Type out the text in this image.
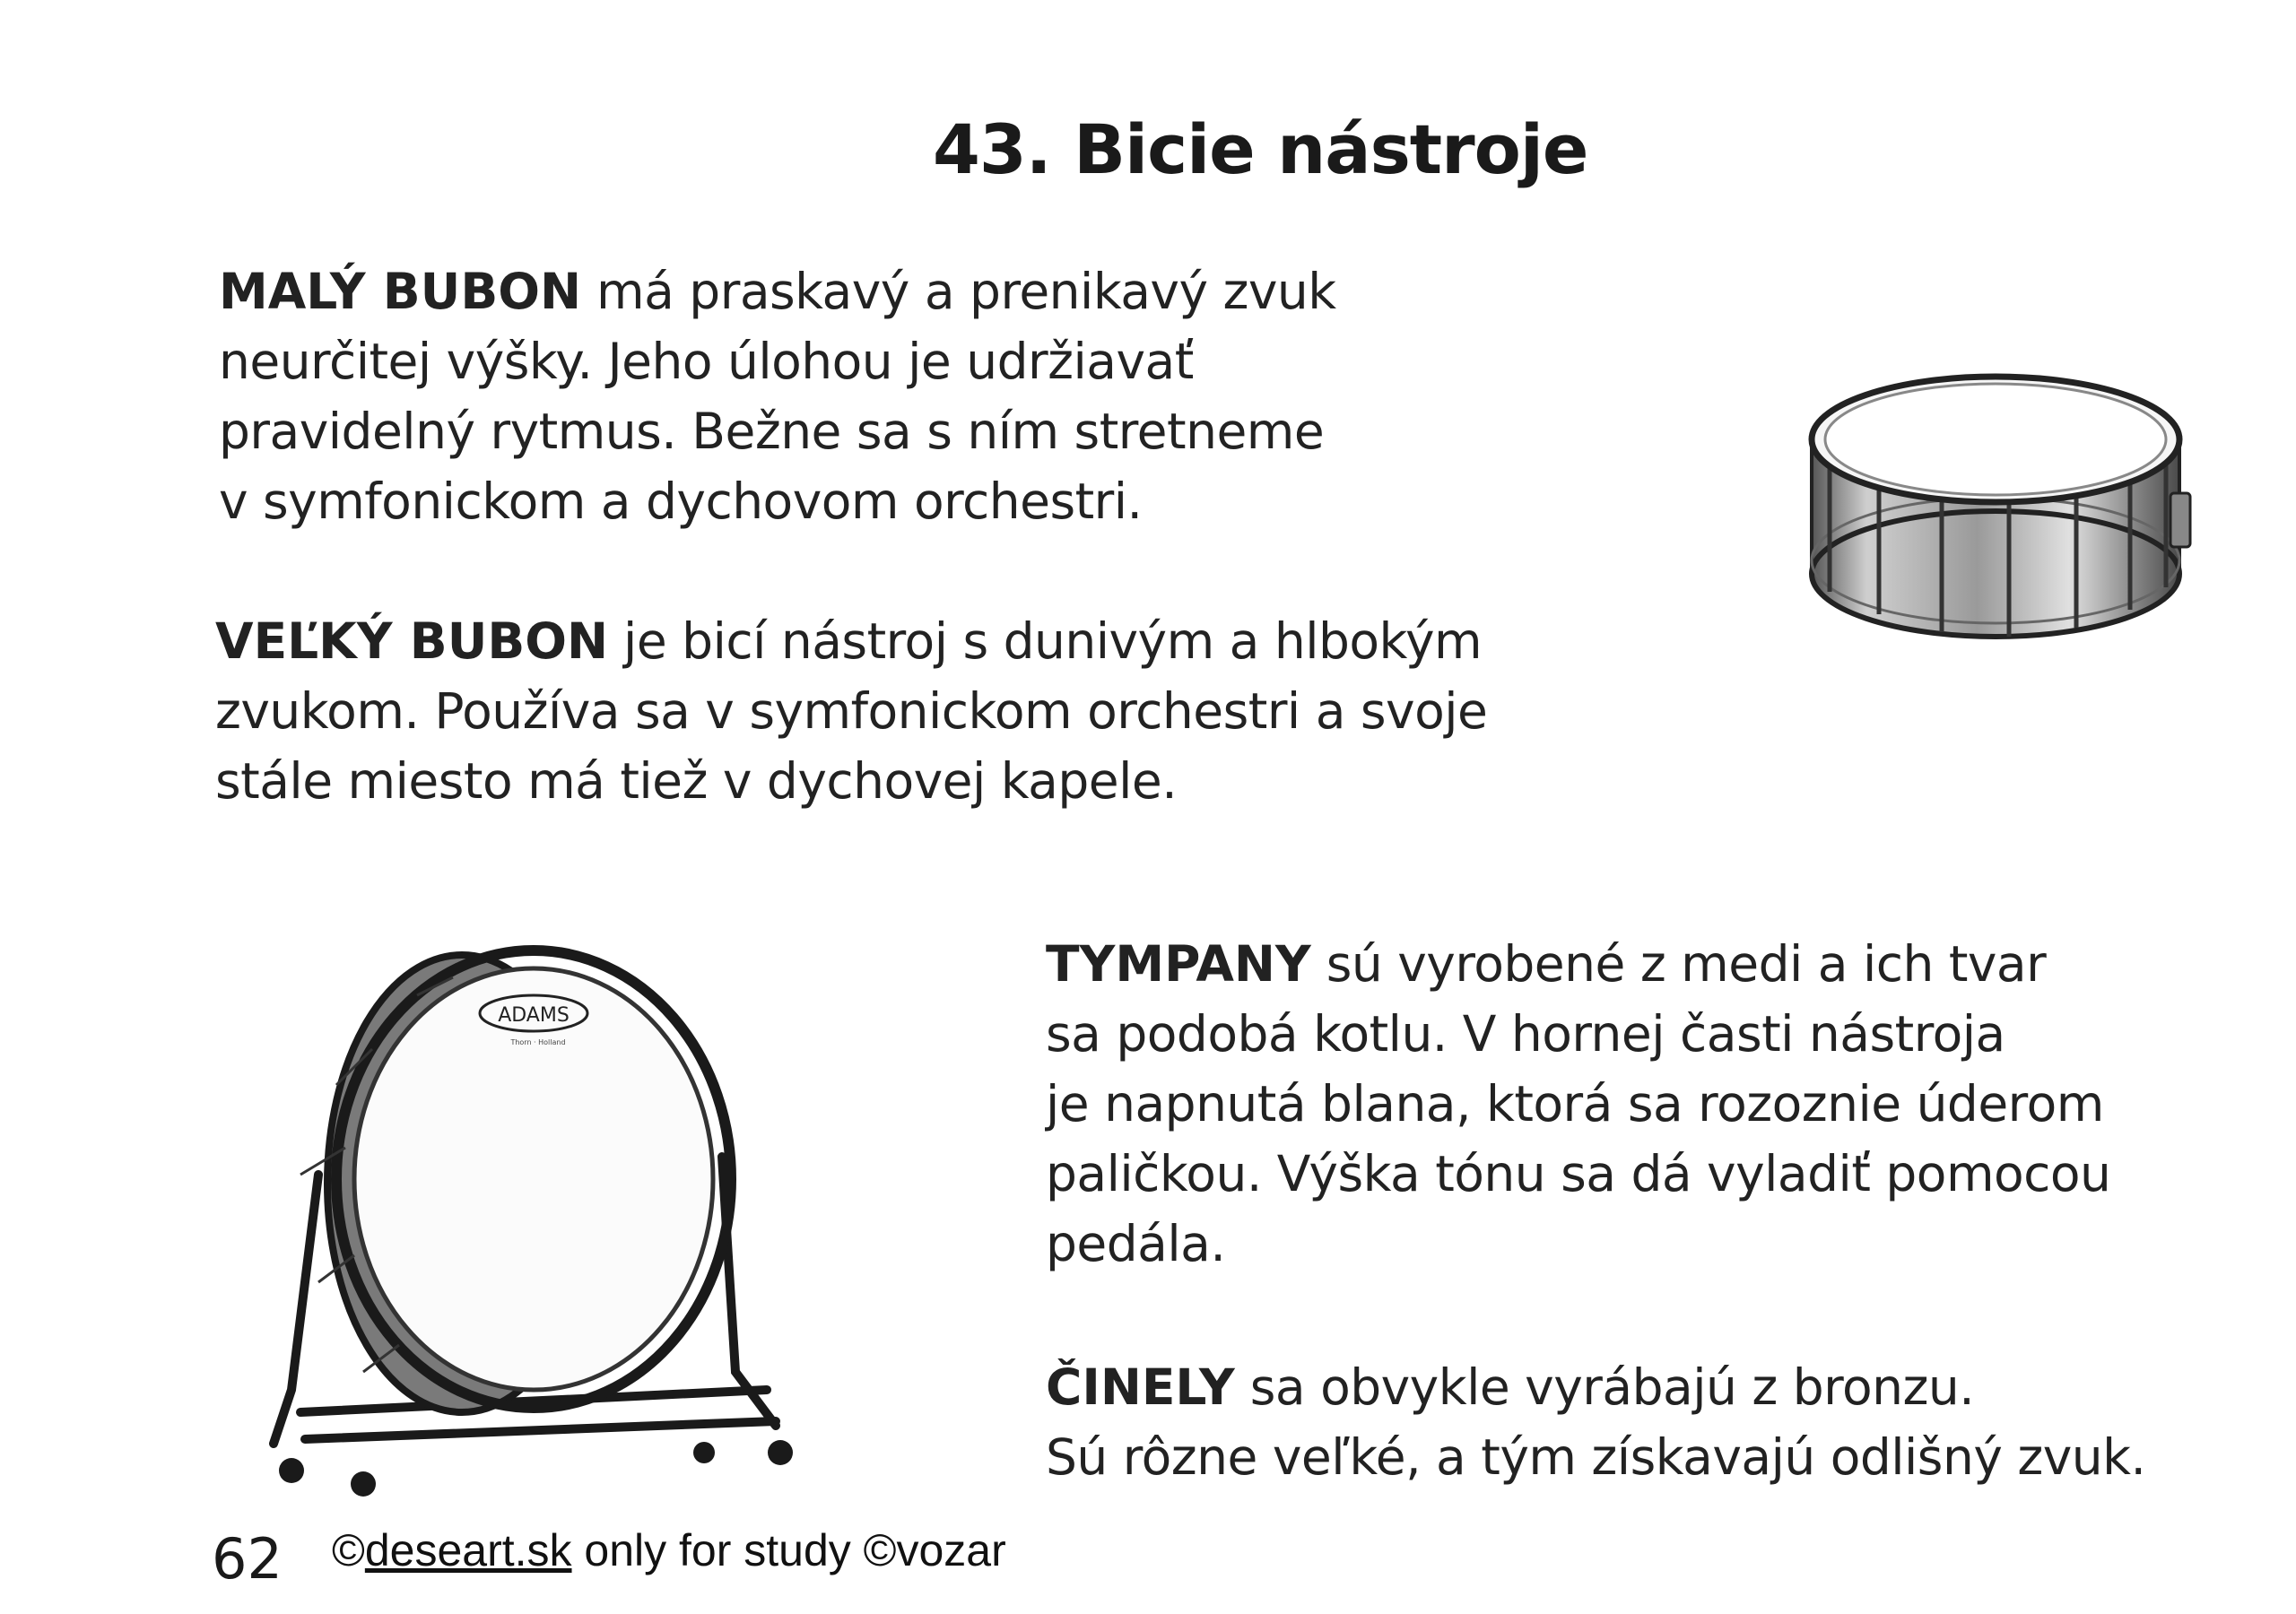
43. Bicie nástroje

MALÝ BUBON má praskavý a prenikavý zvuk
neurčitej výšky. Jeho úlohou je udržiavať
pravidelný rytmus. Bežne sa s ním stretneme
v symfonickom a dychovom orchestri.

VEĽKÝ BUBON je bicí nástroj s dunivým a hlbokým
zvukom. Používa sa v symfonickom orchestri a svoje
stále miesto má tiež v dychovej kapele.

TYMPANY sú vyrobené z medi a ich tvar
sa podobá kotlu. V hornej časti nástroja
je napnutá blana, ktorá sa rozoznie úderom
paličkou. Výška tónu sa dá vyladiť pomocou
pedála.

ČINELY sa obvykle vyrábajú z bronzu.
Sú rôzne veľké, a tým získavajú odlišný zvuk.

ADAMS
Thorn · Holland
62 ©deseart.sk only for study ©vozar
